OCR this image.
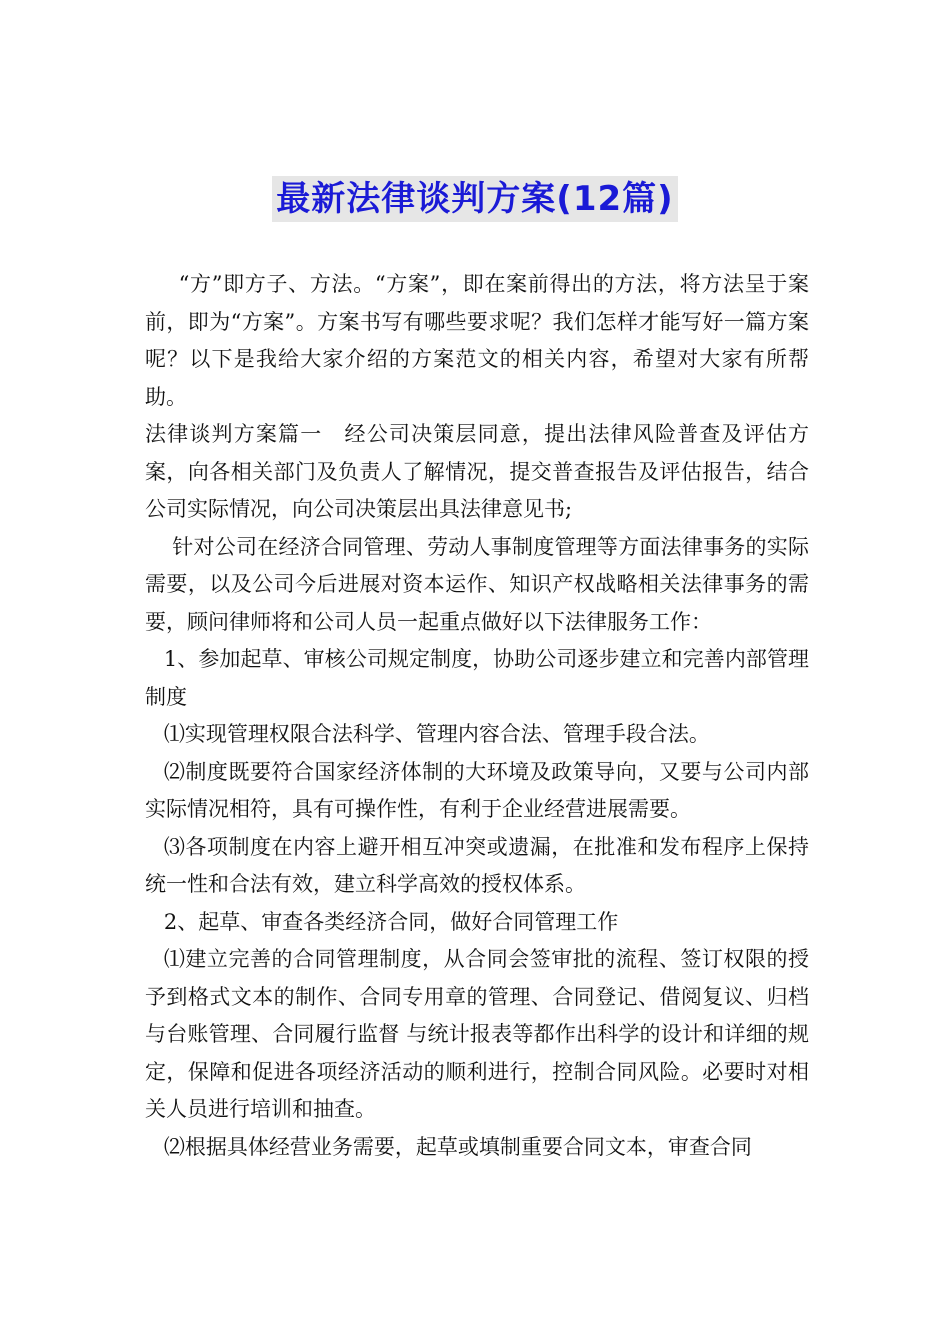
最新法律谈判方案(12篇)

“方”即方子、方法。“方案”，即在案前得出的方法，将方法呈于案前，即为“方案”。方案书写有哪些要求呢？我们怎样才能写好一篇方案呢？以下是我给大家介绍的方案范文的相关内容，希望对大家有所帮助。

法律谈判方案篇一　经公司决策层同意，提出法律风险普查及评估方案，向各相关部门及负责人了解情况，提交普查报告及评估报告，结合公司实际情况，向公司决策层出具法律意见书;

针对公司在经济合同管理、劳动人事制度管理等方面法律事务的实际需要，以及公司今后进展对资本运作、知识产权战略相关法律事务的需要，顾问律师将和公司人员一起重点做好以下法律服务工作：

1、参加起草、审核公司规定制度，协助公司逐步建立和完善内部管理制度

⑴实现管理权限合法科学、管理内容合法、管理手段合法。

⑵制度既要符合国家经济体制的大环境及政策导向，又要与公司内部实际情况相符，具有可操作性，有利于企业经营进展需要。

⑶各项制度在内容上避开相互冲突或遗漏，在批准和发布程序上保持统一性和合法有效，建立科学高效的授权体系。

2、起草、审查各类经济合同，做好合同管理工作

⑴建立完善的合同管理制度，从合同会签审批的流程、签订权限的授予到格式文本的制作、合同专用章的管理、合同登记、借阅复议、归档与台账管理、合同履行监督 与统计报表等都作出科学的设计和详细的规定，保障和促进各项经济活动的顺利进行，控制合同风险。必要时对相关人员进行培训和抽查。

⑵根据具体经营业务需要，起草或填制重要合同文本，审查合同
